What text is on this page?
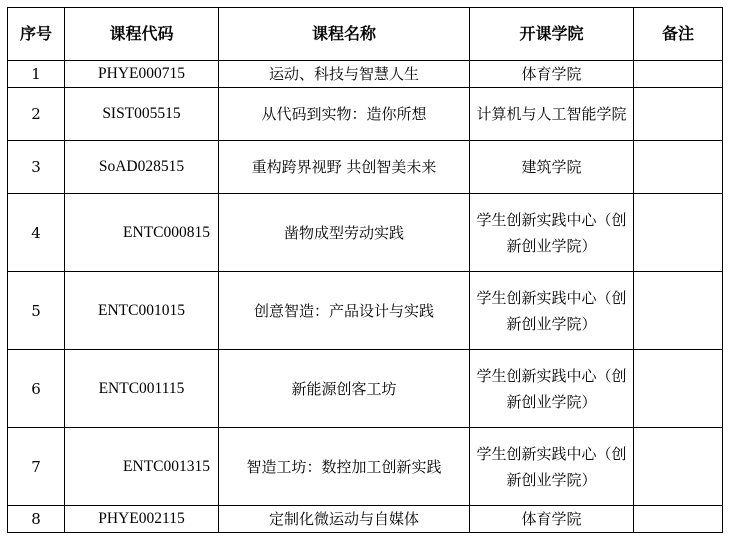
序号	课程代码	课程名称	开课学院	备注
1	PHYE000715	运动、科技与智慧人生	体育学院	
2	SIST005515	从代码到实物：造你所想	计算机与人工智能学院	
3	SoAD028515	重构跨界视野 共创智美未来	建筑学院	
4	ENTC000815	凿物成型劳动实践	学生创新实践中心（创新创业学院）	
5	ENTC001015	创意智造：产品设计与实践	学生创新实践中心（创新创业学院）	
6	ENTC001115	新能源创客工坊	学生创新实践中心（创新创业学院）	
7	ENTC001315	智造工坊：数控加工创新实践	学生创新实践中心（创新创业学院）	
8	PHYE002115	定制化微运动与自媒体	体育学院	
